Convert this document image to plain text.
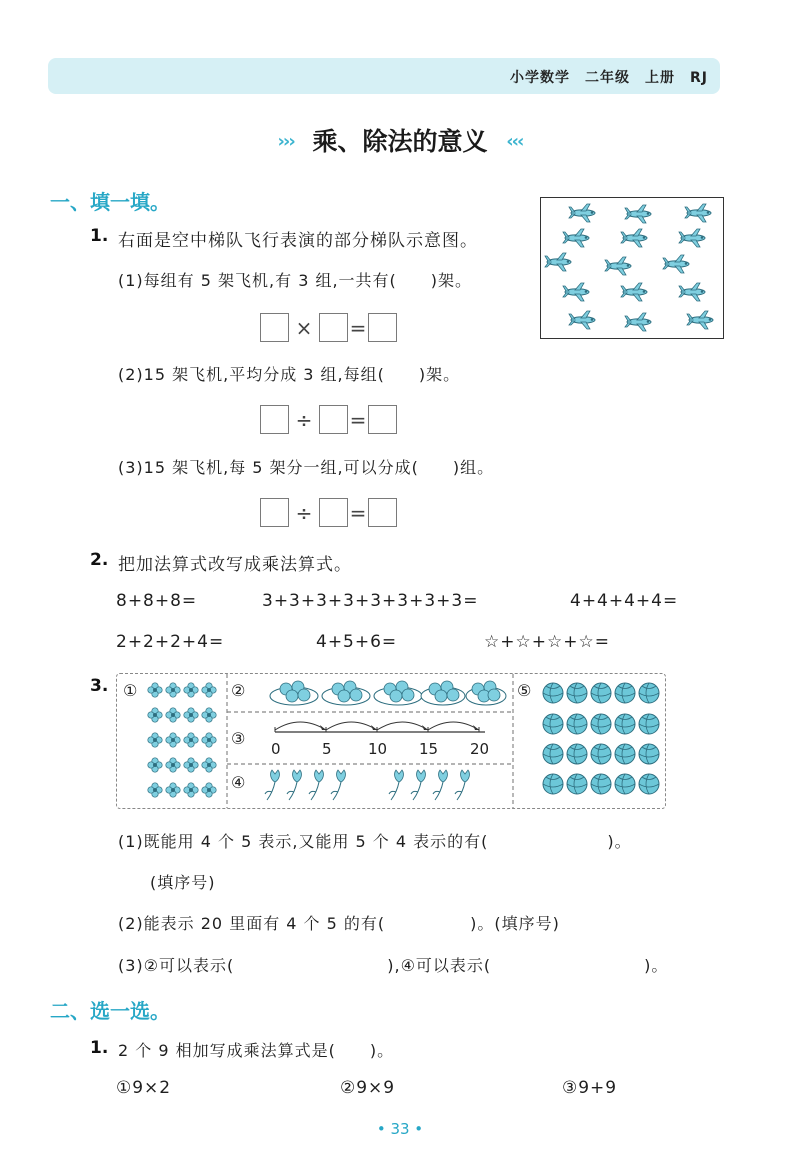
小学数学　二年级　上册　RJ
››› 乘、除法的意义 ‹‹‹
一、填一填。
1. 右面是空中梯队飞行表演的部分梯队示意图。
(1)每组有 5 架飞机,有 3 组,一共有(　　)架。
× =
(2)15 架飞机,平均分成 3 组,每组(　　)架。
÷ =
(3)15 架飞机,每 5 架分一组,可以分成(　　)组。
÷ =
2. 把加法算式改写成乘法算式。
8+8+8=	3+3+3+3+3+3+3+3=	4+4+4+4=
2+2+2+4=	4+5+6=	☆+☆+☆+☆=
3. ①	②
③
④
⑤
0	5 10 15 20
(1)既能用 4 个 5 表示,又能用 5 个 4 表示的有(　　　　　　　)。
(填序号)
(2)能表示 20 里面有 4 个 5 的有(　　　　　)。(填序号)
(3)②可以表示(　　　　　　　　　),④可以表示(　　　　　　　　　)。
二、选一选。
1. 2 个 9 相加写成乘法算式是(　　)。
①9×2	②9×9	③9+9
• 33 •
